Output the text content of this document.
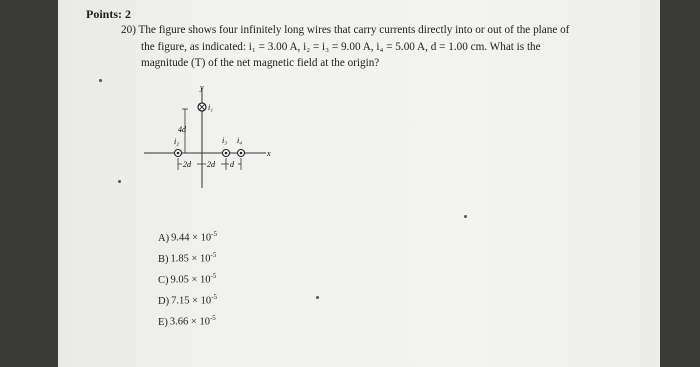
Points: 2
20) The figure shows four infinitely long wires that carry currents directly into or out of the plane of
the figure, as indicated: i₁ = 3.00 A, i₂ = i₃ = 9.00 A, i₄ = 5.00 A, d = 1.00 cm. What is the
magnitude (T) of the net magnetic field at the origin?
y
x
4d
i₁
i₂	i₃ i₄
2d 2d d
A) $9.44 \times 10^{-5}$
B) $1.85 \times 10^{-5}$
C) $9.05 \times 10^{-5}$
D) $7.15 \times 10^{-5}$
E) $3.66 \times 10^{-5}$
